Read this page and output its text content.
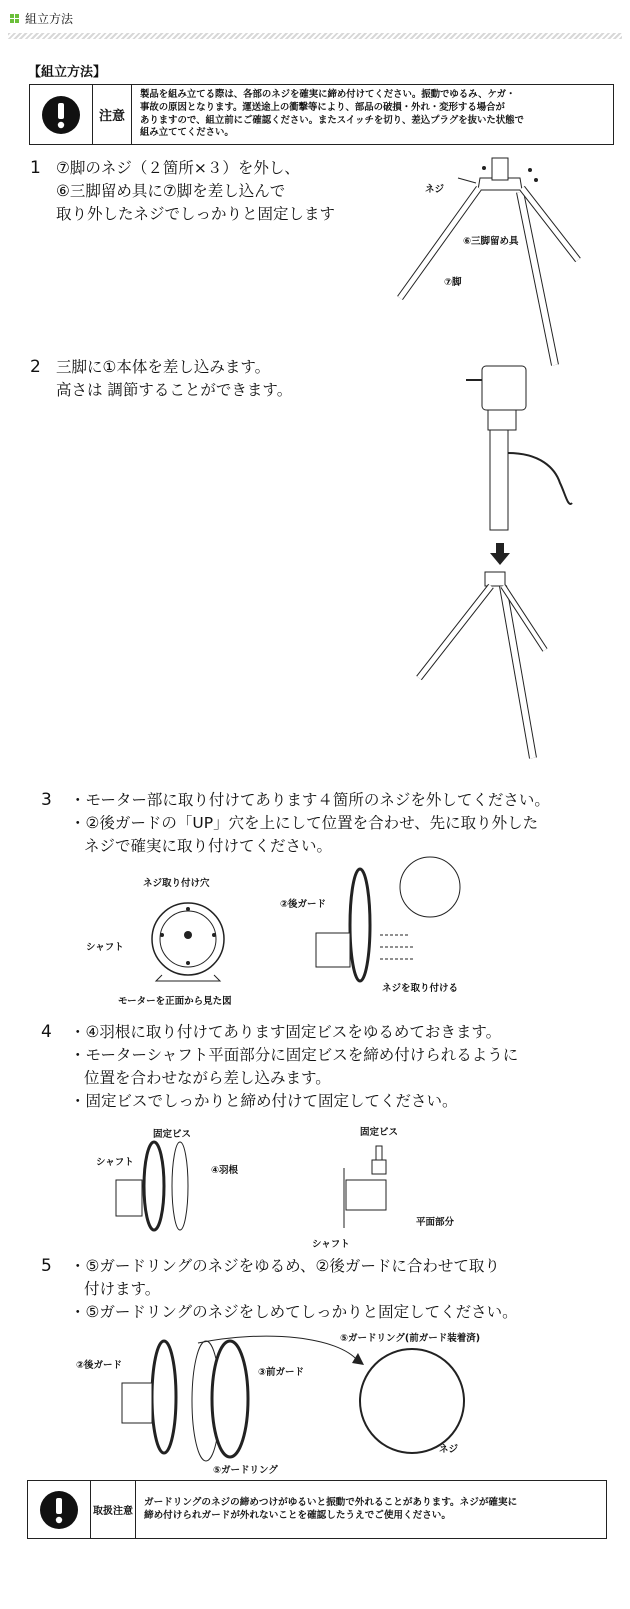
組立方法
【組立方法】
注意
製品を組み立てる際は、各部のネジを確実に締め付けてください。振動でゆるみ、ケガ・
事故の原因となります。運送途上の衝撃等により、部品の破損・外れ・変形する場合が
ありますので、組立前にご確認ください。またスイッチを切り、差込プラグを抜いた状態で
組み立ててください。
1 ⑦脚のネジ（２箇所×３）を外し、
⑥三脚留め具に⑦脚を差し込んで
取り外したネジでしっかりと固定します
ネジ
⑥三脚留め具
⑦脚
2 三脚に①本体を差し込みます。
高さは 調節することができます。
3 ・モーター部に取り付けてあります４箇所のネジを外してください。
・②後ガードの「UP」穴を上にして位置を合わせ、先に取り外した
ネジで確実に取り付けてください。
ネジ取り付け穴
シャフト
モーターを正面から見た図
②後ガード
ネジを取り付ける
4 ・④羽根に取り付けてあります固定ビスをゆるめておきます。
・モーターシャフト平面部分に固定ビスを締め付けられるように
位置を合わせながら差し込みます。
・固定ビスでしっかりと締め付けて固定してください。
固定ビス
シャフト
④羽根
固定ビス
平面部分
シャフト
5 ・⑤ガードリングのネジをゆるめ、②後ガードに合わせて取り
付けます。
・⑤ガードリングのネジをしめてしっかりと固定してください。
⑤ガードリング(前ガード装着済)
②後ガード
③前ガード
ネジ
⑤ガードリング
取扱注意
ガードリングのネジの締めつけがゆるいと振動で外れることがあります。ネジが確実に
締め付けられガードが外れないことを確認したうえでご使用ください。
